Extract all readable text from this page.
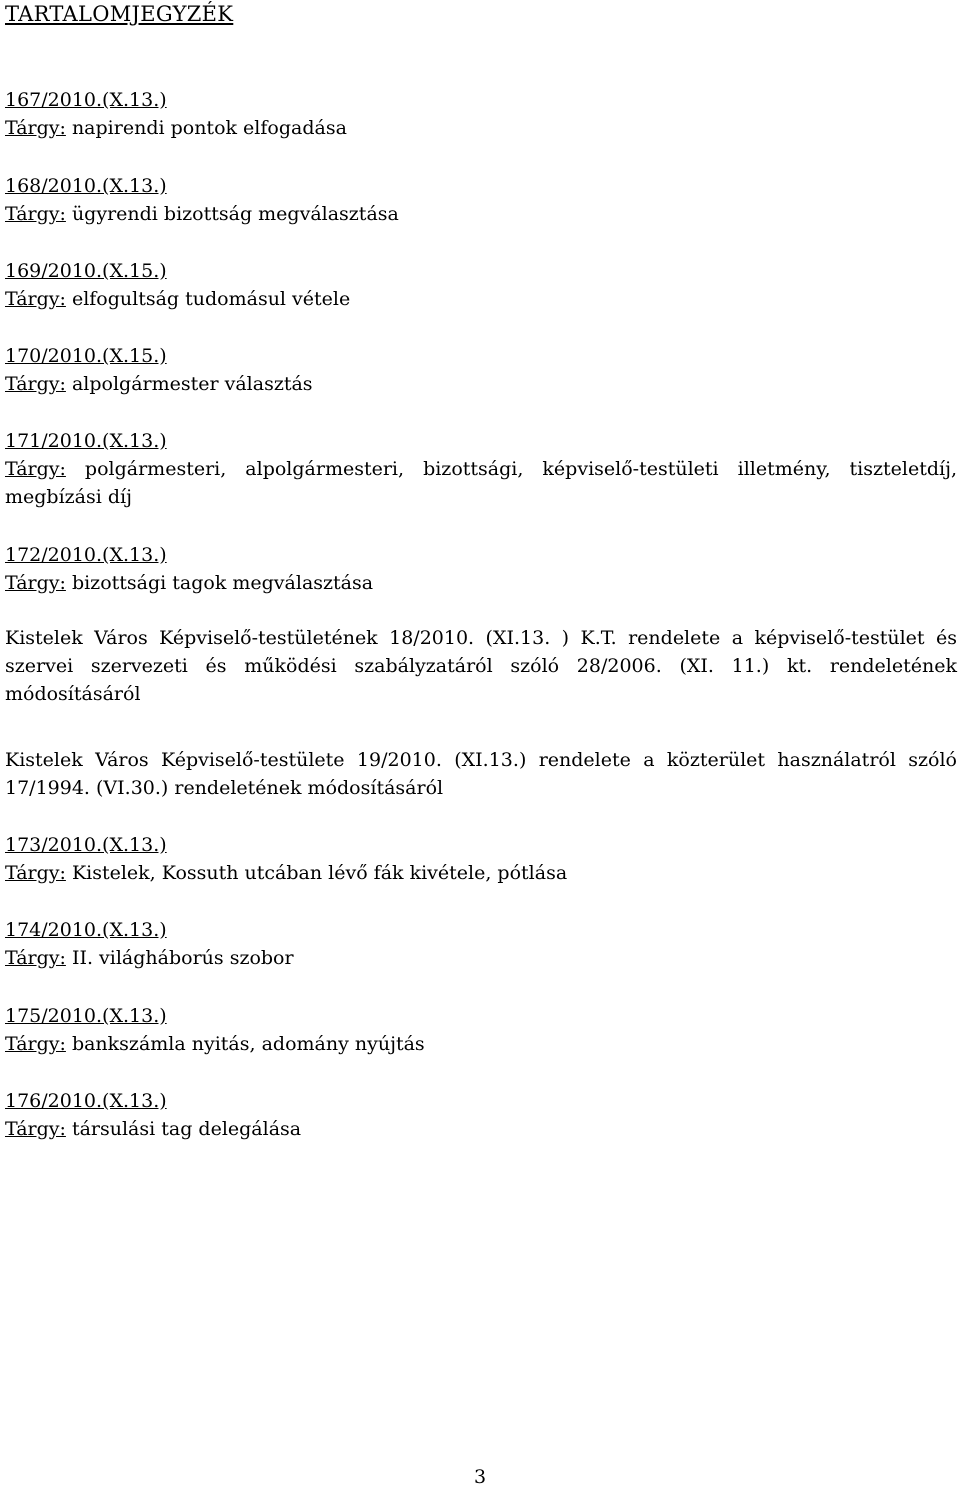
TARTALOMJEGYZÉK
167/2010.(X.13.)
Tárgy: napirendi pontok elfogadása
168/2010.(X.13.)
Tárgy: ügyrendi bizottság megválasztása
169/2010.(X.15.)
Tárgy: elfogultság tudomásul vétele
170/2010.(X.15.)
Tárgy: alpolgármester választás
171/2010.(X.13.)
Tárgy: polgármesteri, alpolgármesteri, bizottsági, képviselő-testületi illetmény, tiszteletdíj, megbízási díj
172/2010.(X.13.)
Tárgy: bizottsági tagok megválasztása
Kistelek Város Képviselő-testületének 18/2010. (XI.13. ) K.T. rendelete a képviselő-testület és szervei szervezeti és működési szabályzatáról szóló 28/2006. (XI. 11.) kt. rendeletének módosításáról
Kistelek Város Képviselő-testülete 19/2010. (XI.13.) rendelete a közterület használatról szóló 17/1994. (VI.30.) rendeletének módosításáról
173/2010.(X.13.)
Tárgy: Kistelek, Kossuth utcában lévő fák kivétele, pótlása
174/2010.(X.13.)
Tárgy: II. világháborús szobor
175/2010.(X.13.)
Tárgy: bankszámla nyitás, adomány nyújtás
176/2010.(X.13.)
Tárgy: társulási tag delegálása
3
